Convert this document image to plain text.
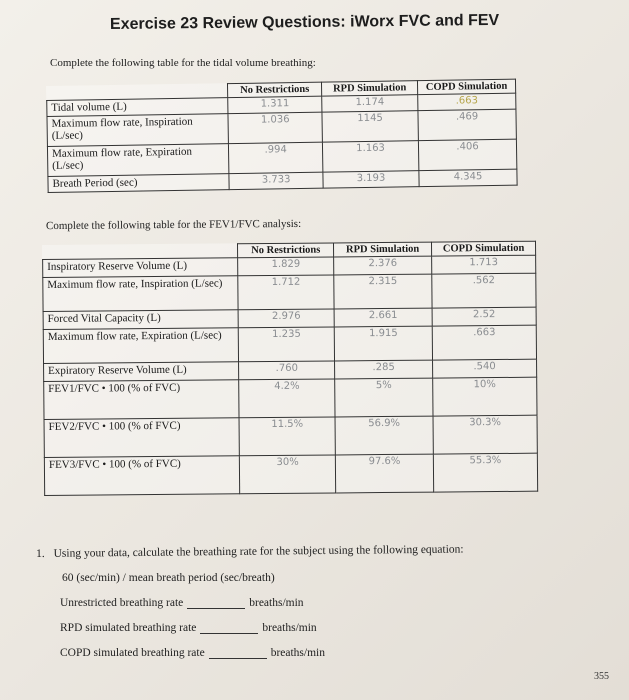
Exercise 23 Review Questions: iWorx FVC and FEV
Complete the following table for the tidal volume breathing:
	No Restrictions	RPD Simulation	COPD Simulation
Tidal volume (L)	1.311	1.174	.663
Maximum flow rate, Inspiration (L/sec)	1.036	1145	.469
Maximum flow rate, Expiration (L/sec)	.994	1.163	.406
Breath Period (sec)	3.733	3.193	4.345
Complete the following table for the FEV1/FVC analysis:
	No Restrictions	RPD Simulation	COPD Simulation
Inspiratory Reserve Volume (L)	1.829	2.376	1.713
Maximum flow rate, Inspiration (L/sec)	1.712	2.315	.562
Forced Vital Capacity (L)	2.976	2.661	2.52
Maximum flow rate, Expiration (L/sec)	1.235	1.915	.663
Expiratory Reserve Volume (L)	.760	.285	.540
FEV1/FVC • 100 (% of FVC)	4.2%	5%	10%
FEV2/FVC • 100 (% of FVC)	11.5%	56.9%	30.3%
FEV3/FVC • 100 (% of FVC)	30%	97.6%	55.3%
1. Using your data, calculate the breathing rate for the subject using the following equation:
60 (sec/min) / mean breath period (sec/breath)
Unrestricted breathing rate	breaths/min
RPD simulated breathing rate	breaths/min
COPD simulated breathing rate	breaths/min
355
